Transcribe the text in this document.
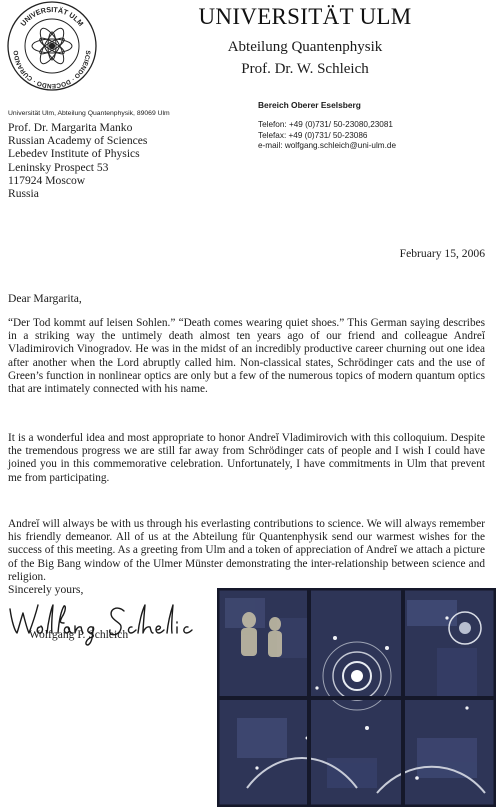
UNIVERSITÄT ULM
SCIENDO · DOCENDO · CURANDO
UNIVERSITÄT ULM
Abteilung Quantenphysik
Prof. Dr. W. Schleich
Universität Ulm, Abteilung Quantenphysik, 89069 Ulm
Prof. Dr. Margarita Manko
Russian Academy of Sciences
Lebedev Institute of Physics
Leninsky Prospect 53
117924 Moscow
Russia
Bereich Oberer Eselsberg
Telefon: +49 (0)731/ 50-23080,23081
Telefax: +49 (0)731/ 50-23086
e-mail: wolfgang.schleich@uni-ulm.de
February 15, 2006
Dear Margarita,
“Der Tod kommt auf leisen Sohlen.” “Death comes wearing quiet shoes.” This German saying describes in a striking way the untimely death almost ten years ago of our friend and colleague Andreĭ Vladimirovich Vinogradov. He was in the midst of an incredibly productive career churning out one idea after another when the Lord abruptly called him. Non-classical states, Schrödinger cats and the use of Green’s function in nonlinear optics are only but a few of the numerous topics of modern quantum optics that are intimately connected with his name.
It is a wonderful idea and most appropriate to honor Andreĭ Vladimirovich with this colloquium. Despite the tremendous progress we are still far away from Schrödinger cats of people and I wish I could have joined you in this commemorative celebration. Unfortunately, I have commitments in Ulm that prevent me from participating.
Andreĭ will always be with us through his everlasting contributions to science. We will always remember his friendly demeanor. All of us at the Abteilung für Quantenphysik send our warmest wishes for the success of this meeting. As a greeting from Ulm and a token of appreciation of Andreĭ we attach a picture of the Big Bang window of the Ulmer Münster demonstrating the inter-relationship between science and religion.
Sincerely yours,
Wolfgang P. Schleich
